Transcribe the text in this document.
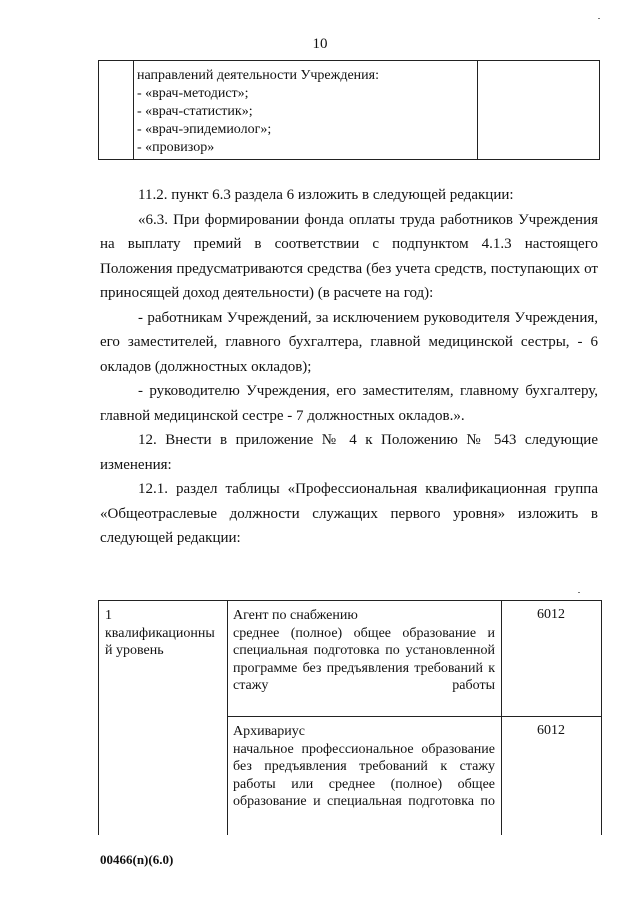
10
направлений деятельности Учреждения:
- «врач-методист»;
- «врач-статистик»;
- «врач-эпидемиолог»;
- «провизор»

11.2. пункт 6.3 раздела 6 изложить в следующей редакции:

«6.3. При формировании фонда оплаты труда работников Учреждения на выплату премий в соответствии с подпунктом 4.1.3 настоящего Положения предусматриваются средства (без учета средств, поступающих от приносящей доход деятельности) (в расчете на год):

- работникам Учреждений, за исключением руководителя Учреждения, его заместителей, главного бухгалтера, главной медицинской сестры, - 6 окладов (должностных окладов);

- руководителю Учреждения, его заместителям, главному бухгалтеру, главной медицинской сестре - 7 должностных окладов.».

12. Внести в приложение № 4 к Положению № 543 следующие изменения:

12.1. раздел таблицы «Профессиональная квалификационная группа «Общеотраслевые должности служащих первого уровня» изложить в следующей редакции:

1 квалификационны й уровень
Агент по снабжению
среднее (полное) общее образование и специальная подготовка по установленной программе без предъявления требований к стажу работы
6012
Архивариус
начальное профессиональное образование без предъявления требований к стажу работы или среднее (полное) общее образование и специальная подготовка по
6012
00466(n)(6.0)
